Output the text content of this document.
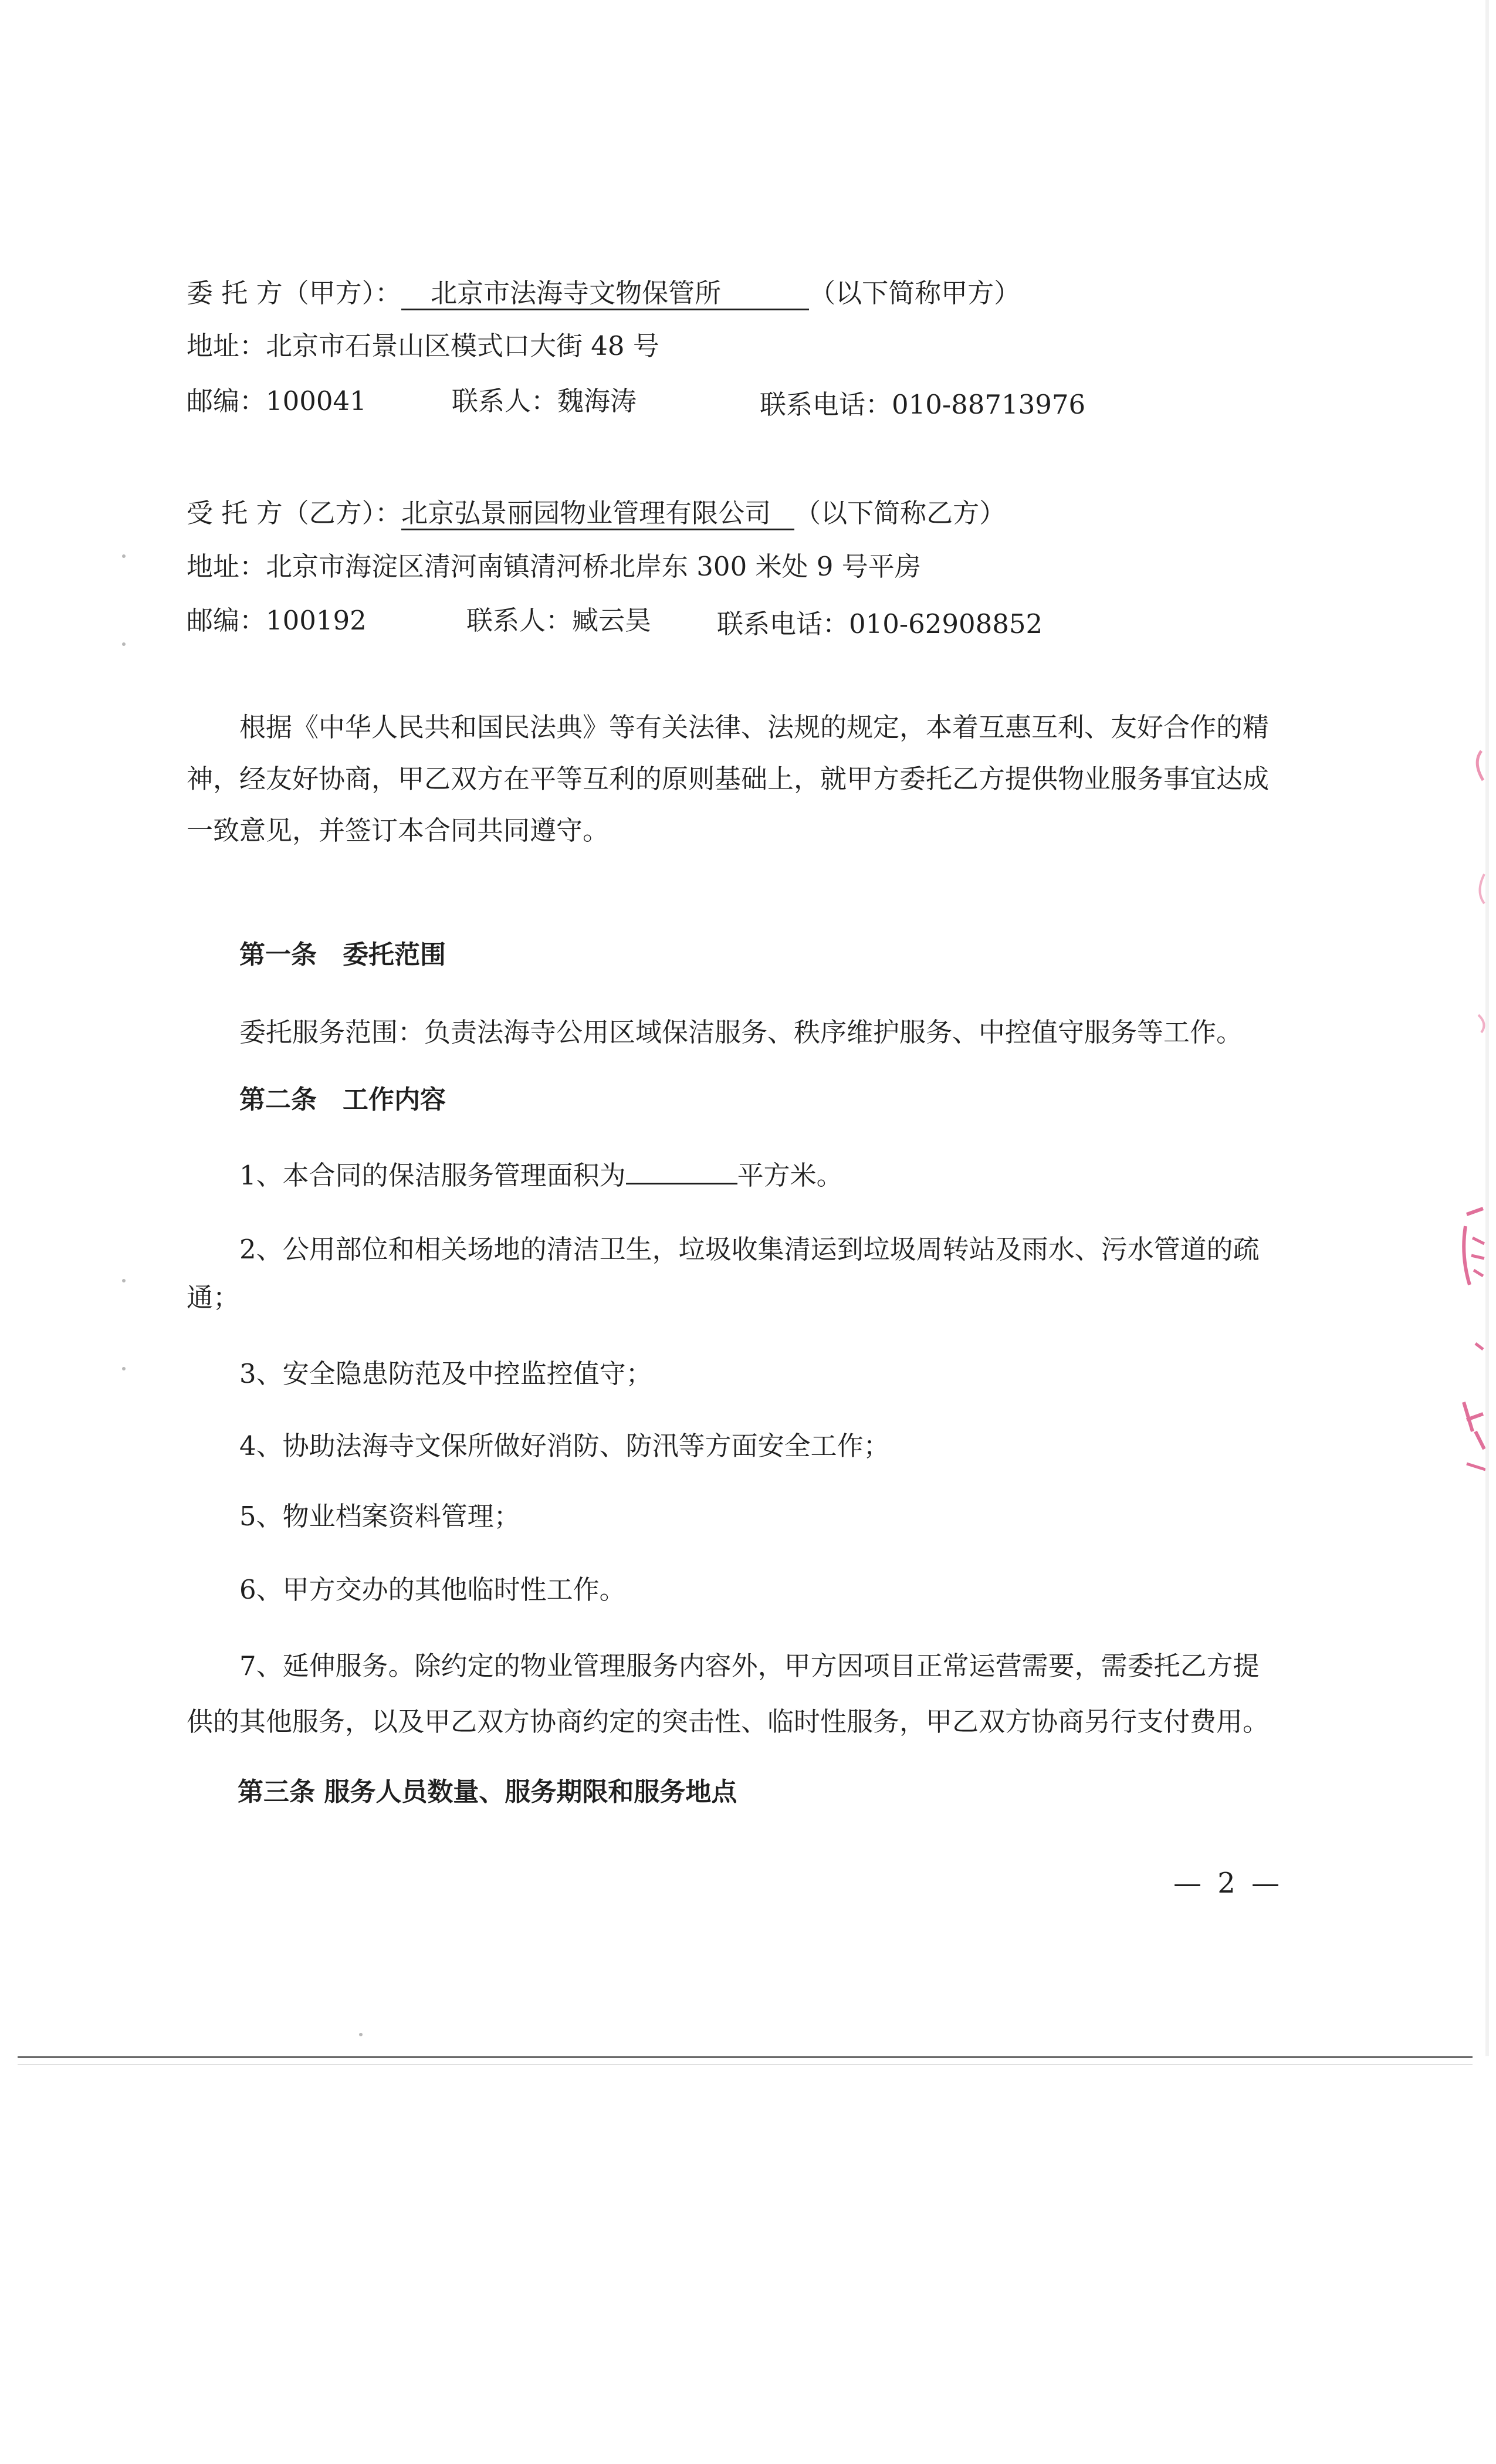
委 托 方（甲方）： 北京市法海寺文物保管所	（以下简称甲方）
地址：北京市石景山区模式口大街 48 号
邮编：100041	联系人：魏海涛	联系电话：010-88713976
受 托 方（乙方）：北京弘景丽园物业管理有限公司 （以下简称乙方）
地址：北京市海淀区清河南镇清河桥北岸东 300 米处 9 号平房
邮编：100192	联系人：臧云昊 联系电话：010-62908852
根据《中华人民共和国民法典》等有关法律、法规的规定，本着互惠互利、友好合作的精
神，经友好协商，甲乙双方在平等互利的原则基础上，就甲方委托乙方提供物业服务事宜达成
一致意见，并签订本合同共同遵守。
第一条　委托范围
委托服务范围：负责法海寺公用区域保洁服务、秩序维护服务、中控值守服务等工作。
第二条　工作内容
1、本合同的保洁服务管理面积为	平方米。
2、公用部位和相关场地的清洁卫生，垃圾收集清运到垃圾周转站及雨水、污水管道的疏
通；
3、安全隐患防范及中控监控值守；
4、协助法海寺文保所做好消防、防汛等方面安全工作；
5、物业档案资料管理；
6、甲方交办的其他临时性工作。
7、延伸服务。除约定的物业管理服务内容外，甲方因项目正常运营需要，需委托乙方提
供的其他服务，以及甲乙双方协商约定的突击性、临时性服务，甲乙双方协商另行支付费用。
第三条 服务人员数量、服务期限和服务地点
— 2 —
